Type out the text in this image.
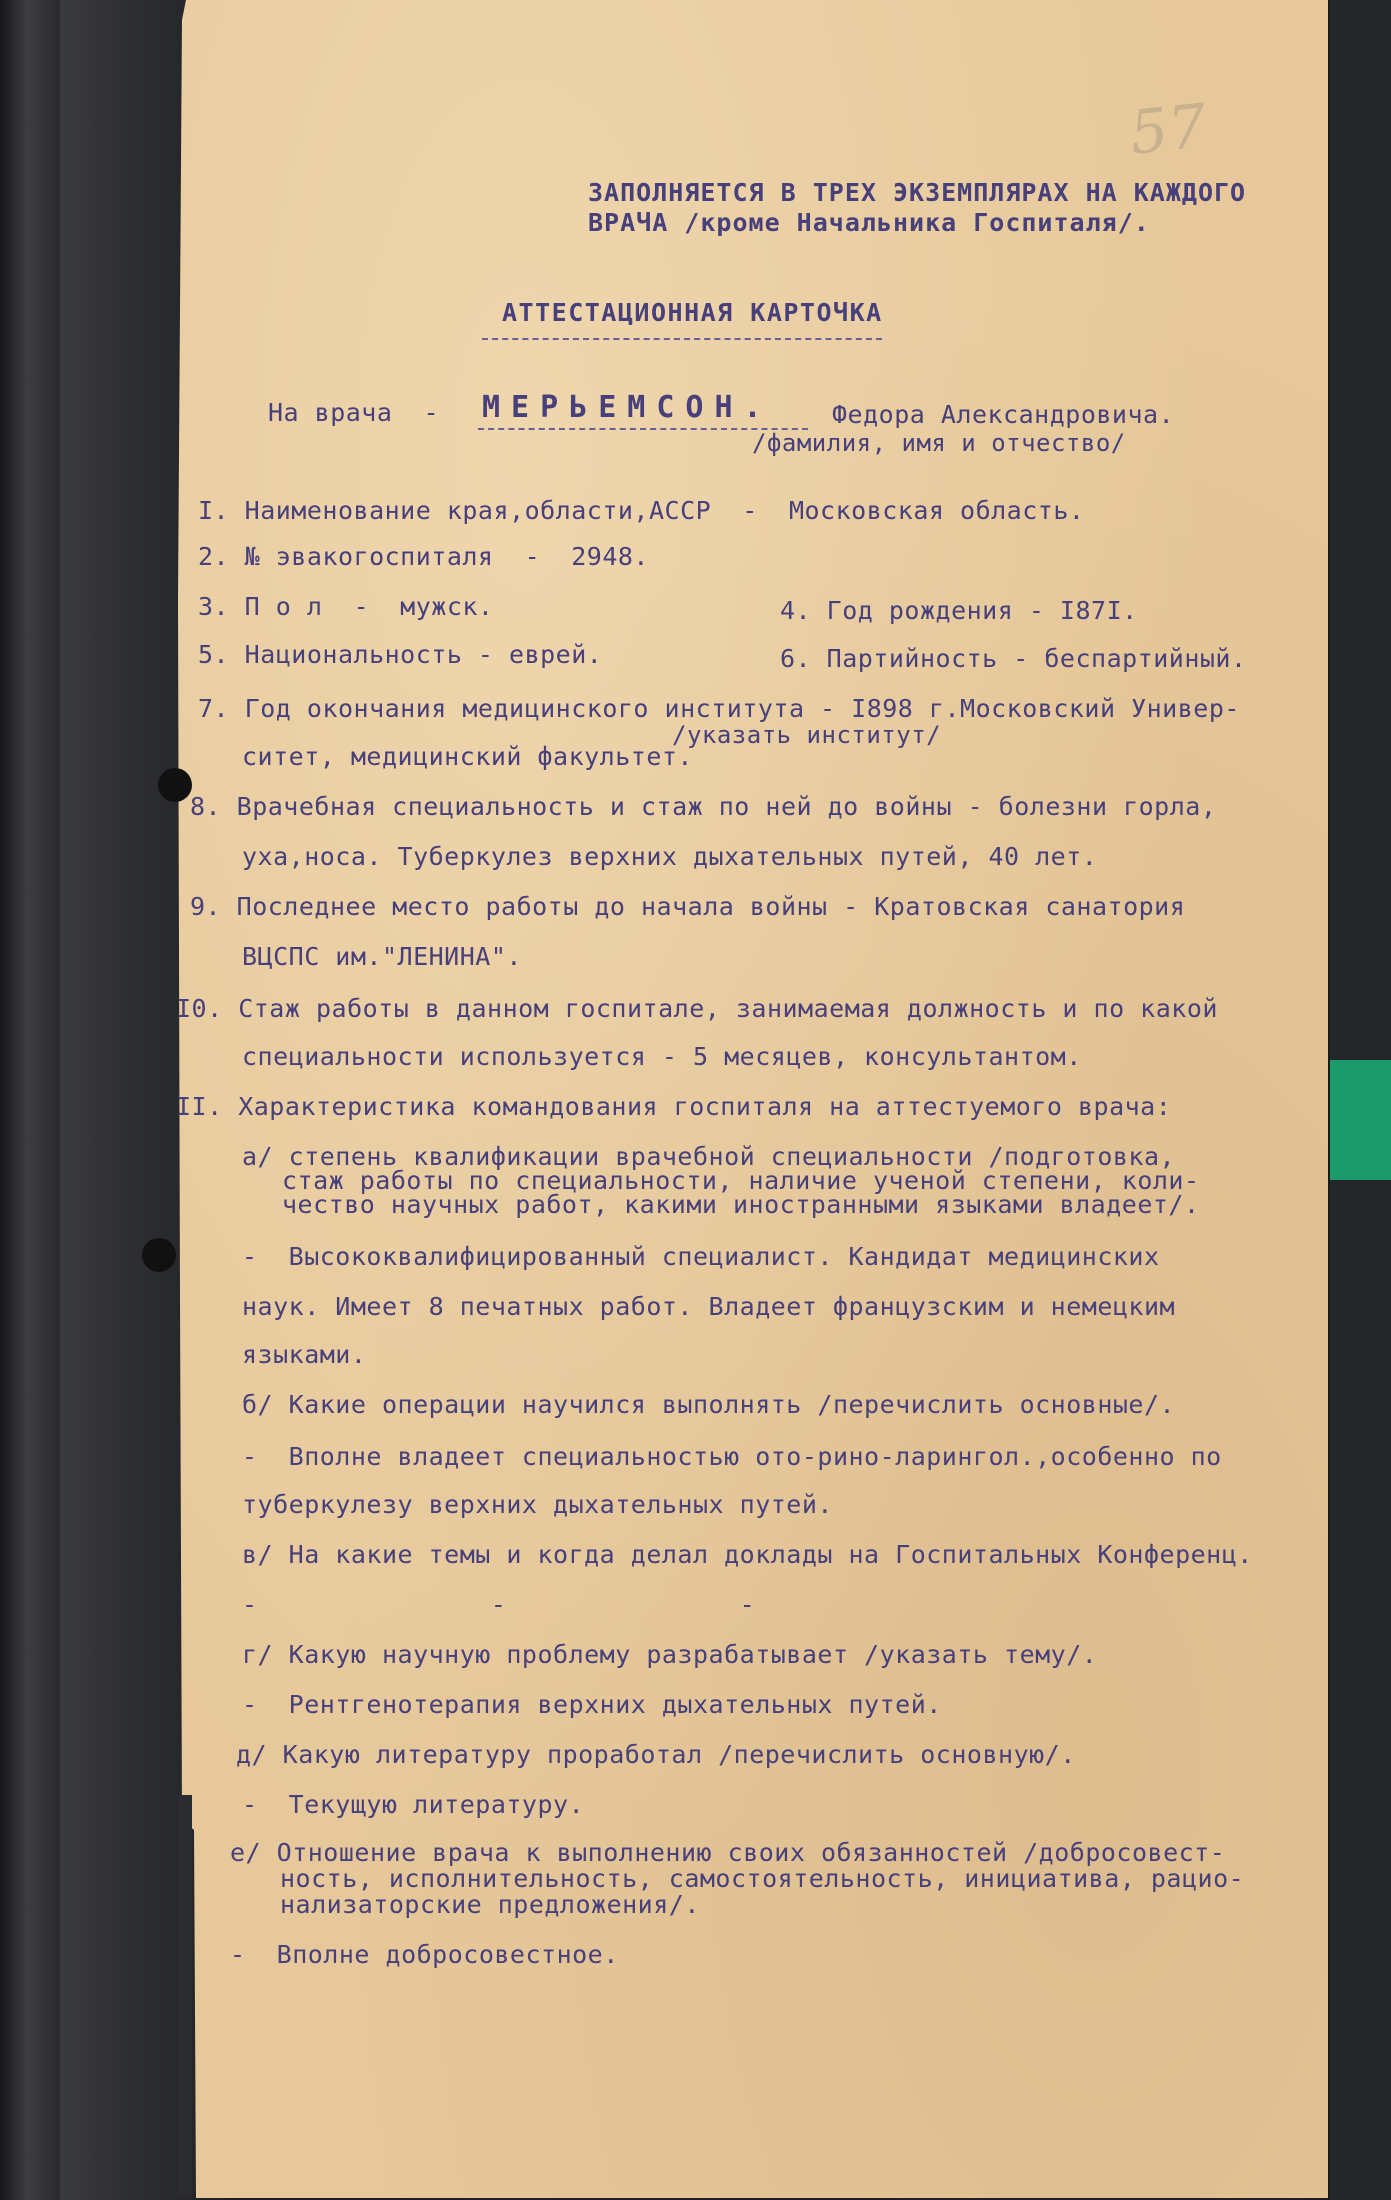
57
ЗАПОЛНЯЕТСЯ В ТРЕХ ЭКЗЕМПЛЯРАХ НА КАЖДОГО
ВРАЧА /кроме Начальника Госпиталя/.
АТТЕСТАЦИОННАЯ КАРТОЧКА
На врача  - МЕРЬЕМСОН. Федора Александровича.
/фамилия, имя и отчество/
I. Наименование края,области,АССР  -  Московская область.
2. № эвакогоспиталя  -  2948.
3. П о л  -  мужск.	4. Год рождения - I87I.
5. Национальность - еврей.	6. Партийность - беспартийный.
7. Год окончания медицинского института - I898 г.Московский Универ-
/указать институт/
ситет, медицинский факультет.
8. Врачебная специальность и стаж по ней до войны - болезни горла,
уха,носа. Туберкулез верхних дыхательных путей, 40 лет.
9. Последнее место работы до начала войны - Кратовская санатория
ВЦСПС им."ЛЕНИНА".
I0. Стаж работы в данном госпитале, занимаемая должность и по какой
специальности используется - 5 месяцев, консультантом.
II. Характеристика командования госпиталя на аттестуемого врача:
а/ степень квалификации врачебной специальности /подготовка,
стаж работы по специальности, наличие ученой степени, коли-
чество научных работ, какими иностранными языками владеет/.
-  Высококвалифицированный специалист. Кандидат медицинских
наук. Имеет 8 печатных работ. Владеет французским и немецким
языками.
б/ Какие операции научился выполнять /перечислить основные/.
-  Вполне владеет специальностью ото-рино-ларингол.,особенно по
туберкулезу верхних дыхательных путей.
в/ На какие темы и когда делал доклады на Госпитальных Конференц.
-               -               -
г/ Какую научную проблему разрабатывает /указать тему/.
-  Рентгенотерапия верхних дыхательных путей.
д/ Какую литературу проработал /перечислить основную/.
-  Текущую литературу.
е/ Отношение врача к выполнению своих обязанностей /добросовест-
ность, исполнительность, самостоятельность, инициатива, рацио-
нализаторские предложения/.
-  Вполне добросовестное.
